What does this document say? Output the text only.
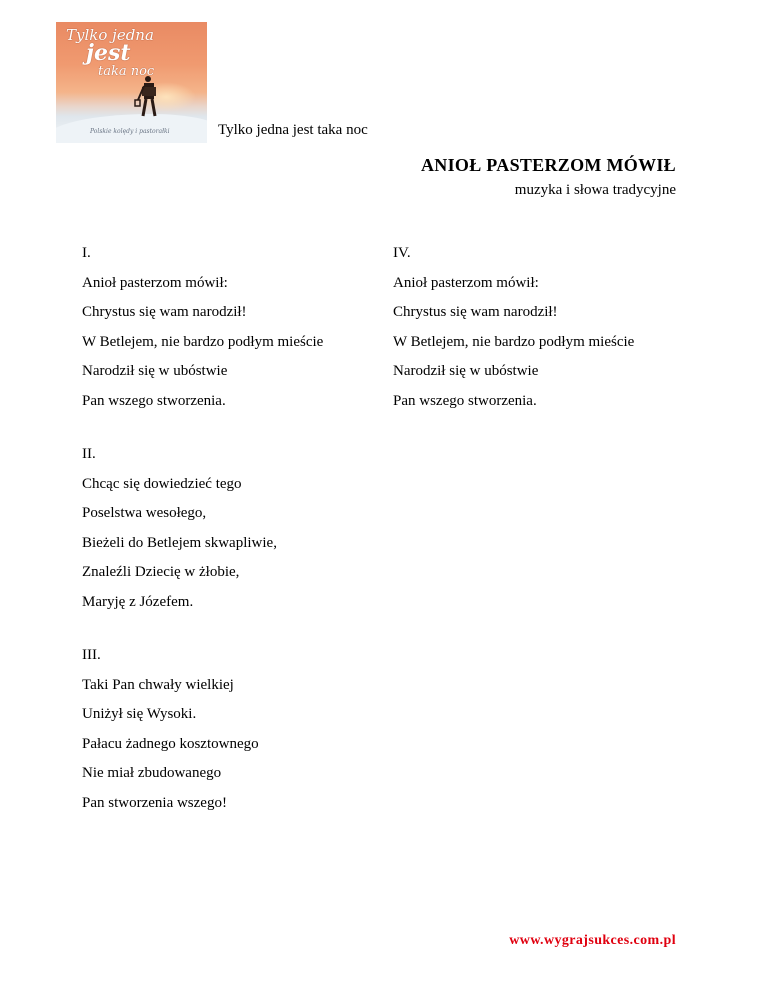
Tylko jedna
jest
taka noc
Polskie kolędy i pastorałki	Tylko jedna jest taka noc
ANIOŁ PASTERZOM MÓWIŁ
muzyka i słowa tradycyjne
I.
Anioł pasterzom mówił:
Chrystus się wam narodził!
W Betlejem, nie bardzo podłym mieście
Narodził się w ubóstwie
Pan wszego stworzenia.
IV.
Anioł pasterzom mówił:
Chrystus się wam narodził!
W Betlejem, nie bardzo podłym mieście
Narodził się w ubóstwie
Pan wszego stworzenia.
II.
Chcąc się dowiedzieć tego
Poselstwa wesołego,
Bieżeli do Betlejem skwapliwie,
Znaleźli Dziecię w żłobie,
Maryję z Józefem.
III.
Taki Pan chwały wielkiej
Uniżył się Wysoki.
Pałacu żadnego kosztownego
Nie miał zbudowanego
Pan stworzenia wszego!
www.wygrajsukces.com.pl
